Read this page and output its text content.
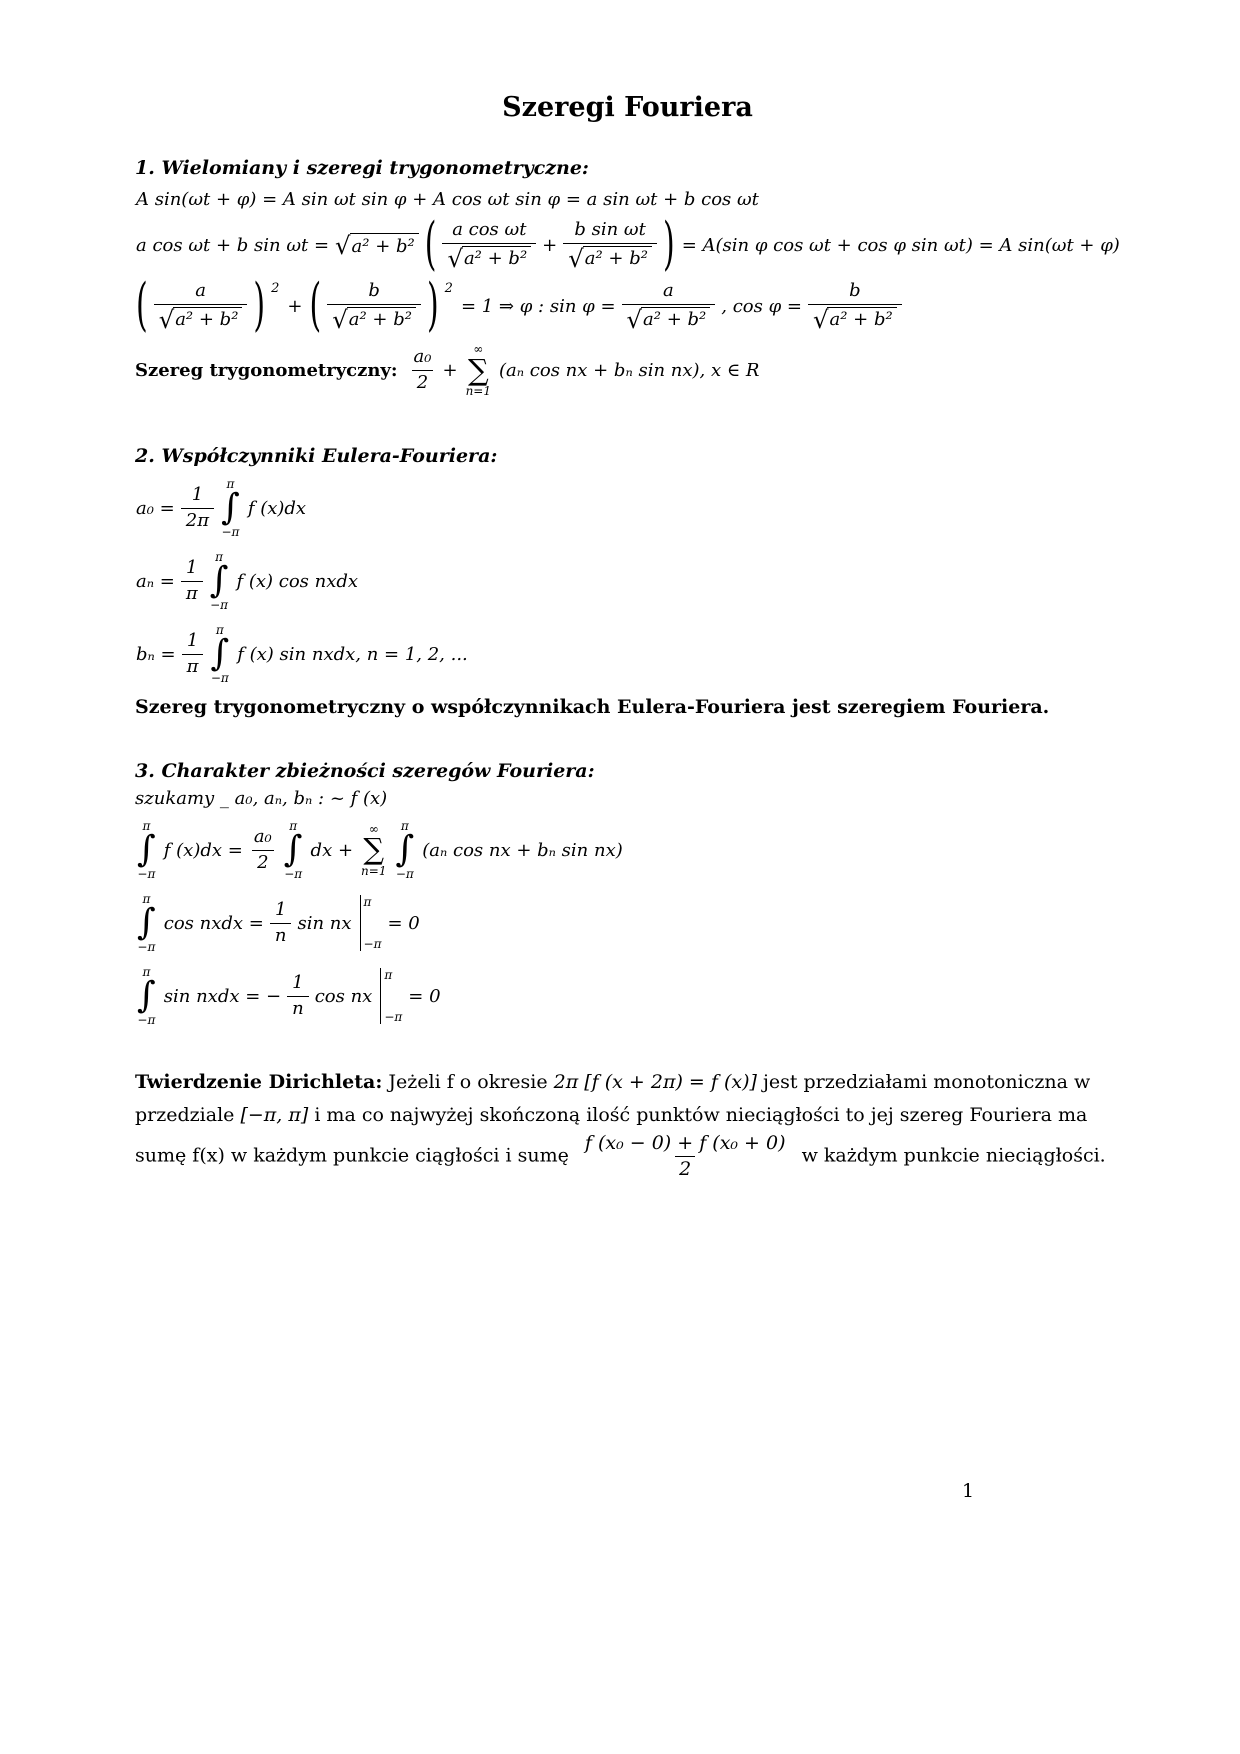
Szeregi Fouriera
1. Wielomiany i szeregi trygonometryczne:
A sin(ωt + φ) = A sin ωt sin φ + A cos ωt sin φ = a sin ωt + b cos ωt
a cos ωt + b sin ωt = √ a² + b² ( $\frac{\text{a cos ωt}}{\text{√ a² + b²}} + \frac{\text{b sin ωt}}{\text{√ a² + b²}}$ ) = A(sin φ cos ωt + cos φ sin ωt) = A sin(ωt + φ)
( $\frac{a}{\text{√ a² + b²}}$ ) 2
+ ( $\frac{b}{\text{√ a² + b²}}$ ) 2
= 1 ⇒ φ : $\sin \varphi = \frac{a}{\text{√ a² + b²}}$ , $\cos \varphi = \frac{b}{\text{√ a² + b²}}$
Szereg trygonometryczny: $\frac{\text{a₀}}{2}$ +
∞
∑
n=1
(aₙ cos nx + bₙ sin nx), x ∈ R
2. Współczynniki Eulera-Fouriera:
$a_0 = \frac{1}{2\pi}$
π
∫
−π
f (x)dx
$a_n = \frac{1}{\pi}$
π
∫
−π
f (x) cos nxdx
$b_n = \frac{1}{\pi}$
π
∫
−π
f (x) sin nxdx, n = 1, 2, ...

Szereg trygonometryczny o współczynnikach Eulera-Fouriera jest szeregiem Fouriera.

3. Charakter zbieżności szeregów Fouriera:

szukamy _ a₀, aₙ, bₙ : ~ f (x)

π
∫
−π
f $(x)dx = \frac{\text{a₀}}{2}$
π
∫
−π
dx +
∞
∑
n=1
π
∫
−π
(aₙ cos nx + bₙ sin nx)
π
∫
−π
cos nxdx = $\frac{1}{n}$ sin nx
π
−π
= 0
π
∫
−π
sin nxdx = − $\frac{1}{n}$ cos nx
π
−π
= 0

Twierdzenie Dirichleta: Jeżeli f o okresie 2π [f (x + 2π) = f (x)] jest przedziałami monotoniczna w przedziale [−π, π] i ma co najwyżej skończoną ilość punktów nieciągłości to jej szereg Fouriera ma sumę f(x) w każdym punkcie ciągłości i sumę $\frac{\text{f (x₀ − 0) + f (x₀ + 0)}}{2}$ w każdym punkcie nieciągłości.

1
